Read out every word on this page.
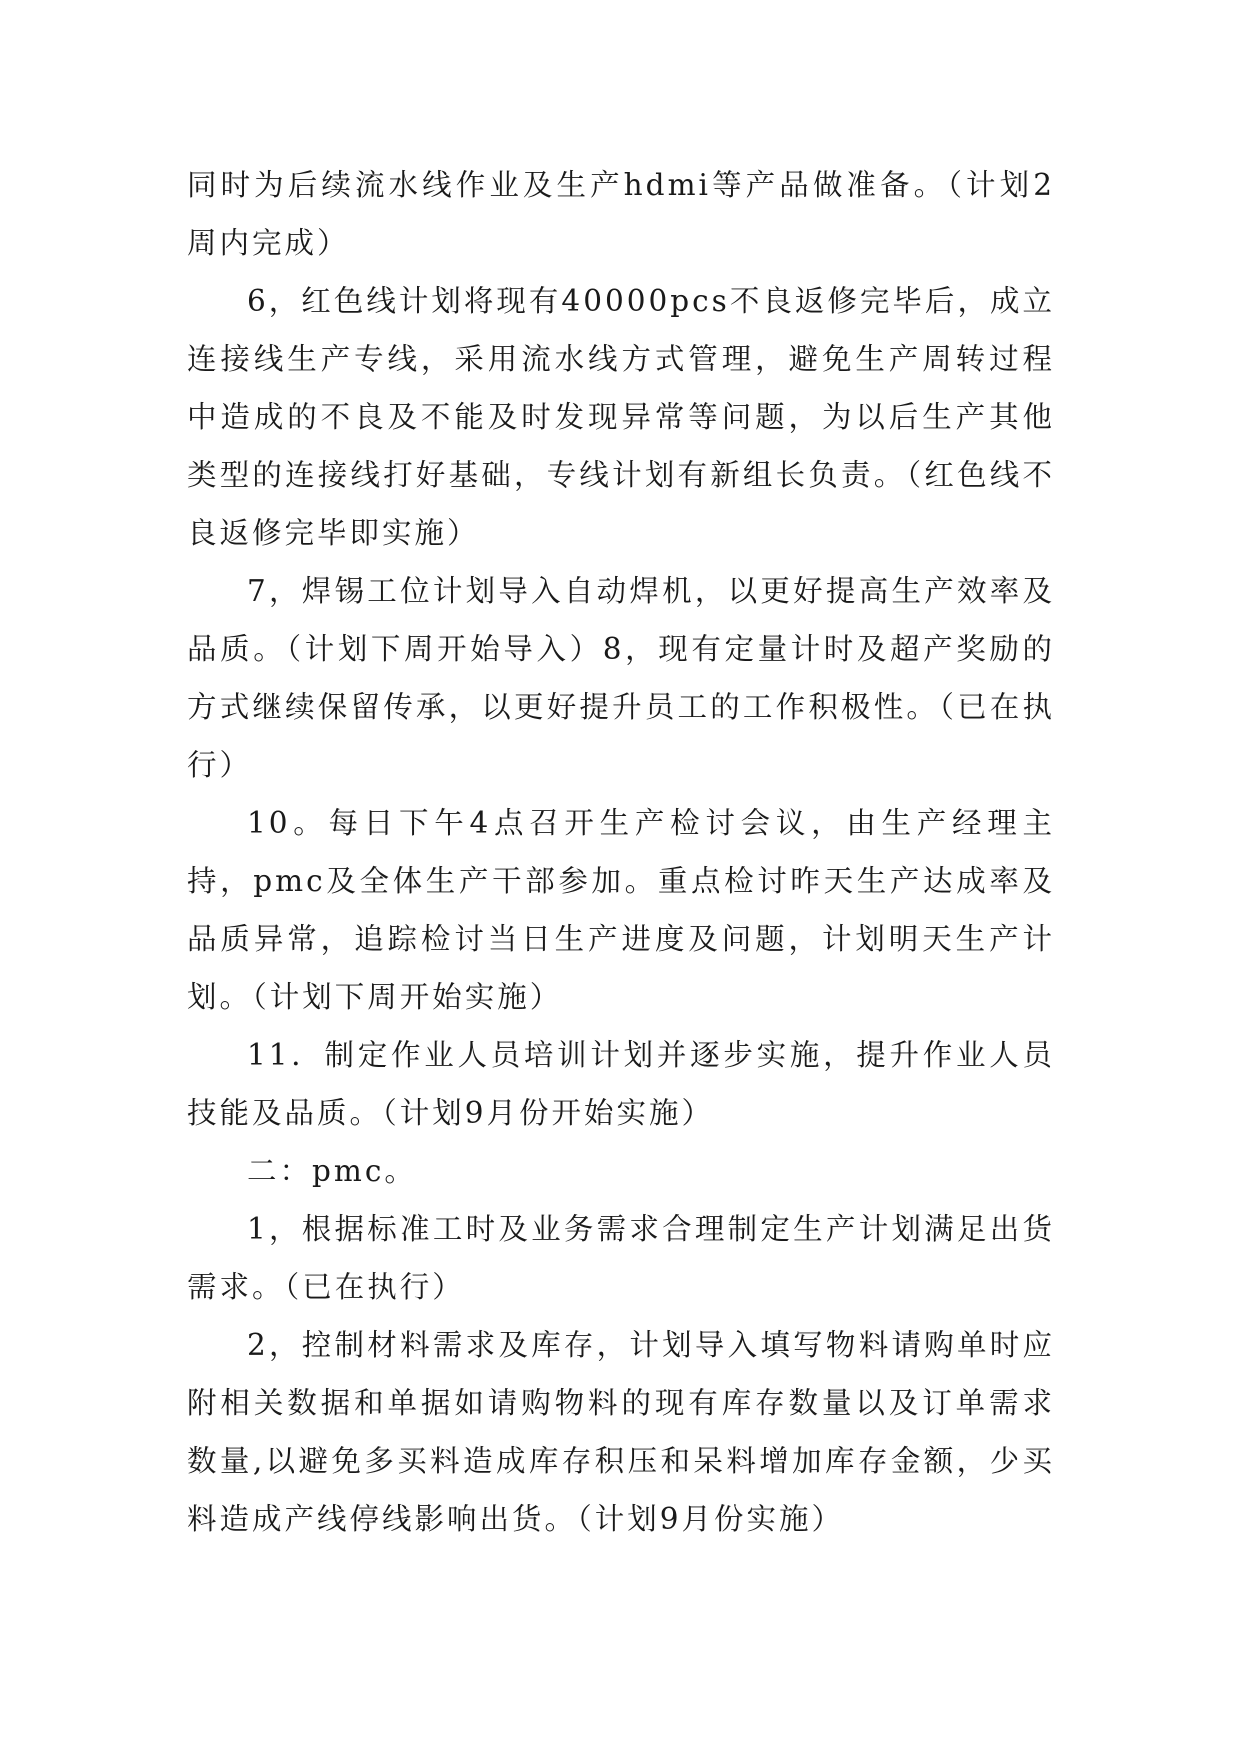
同时为后续流水线作业及生产hdmi等产品做准备。（计划2周内完成）

6，红色线计划将现有40000pcs不良返修完毕后，成立连接线生产专线，采用流水线方式管理，避免生产周转过程中造成的不良及不能及时发现异常等问题，为以后生产其他类型的连接线打好基础，专线计划有新组长负责。（红色线不良返修完毕即实施）

7，焊锡工位计划导入自动焊机，以更好提高生产效率及品质。（计划下周开始导入）8，现有定量计时及超产奖励的方式继续保留传承，以更好提升员工的工作积极性。（已在执行）

10。每日下午4点召开生产检讨会议，由生产经理主持，pmc及全体生产干部参加。重点检讨昨天生产达成率及品质异常，追踪检讨当日生产进度及问题，计划明天生产计划。（计划下周开始实施）

11．制定作业人员培训计划并逐步实施，提升作业人员技能及品质。（计划9月份开始实施）

二：pmc。

1，根据标准工时及业务需求合理制定生产计划满足出货需求。（已在执行）

2，控制材料需求及库存，计划导入填写物料请购单时应附相关数据和单据如请购物料的现有库存数量以及订单需求数量,以避免多买料造成库存积压和呆料增加库存金额，少买料造成产线停线影响出货。（计划9月份实施）
